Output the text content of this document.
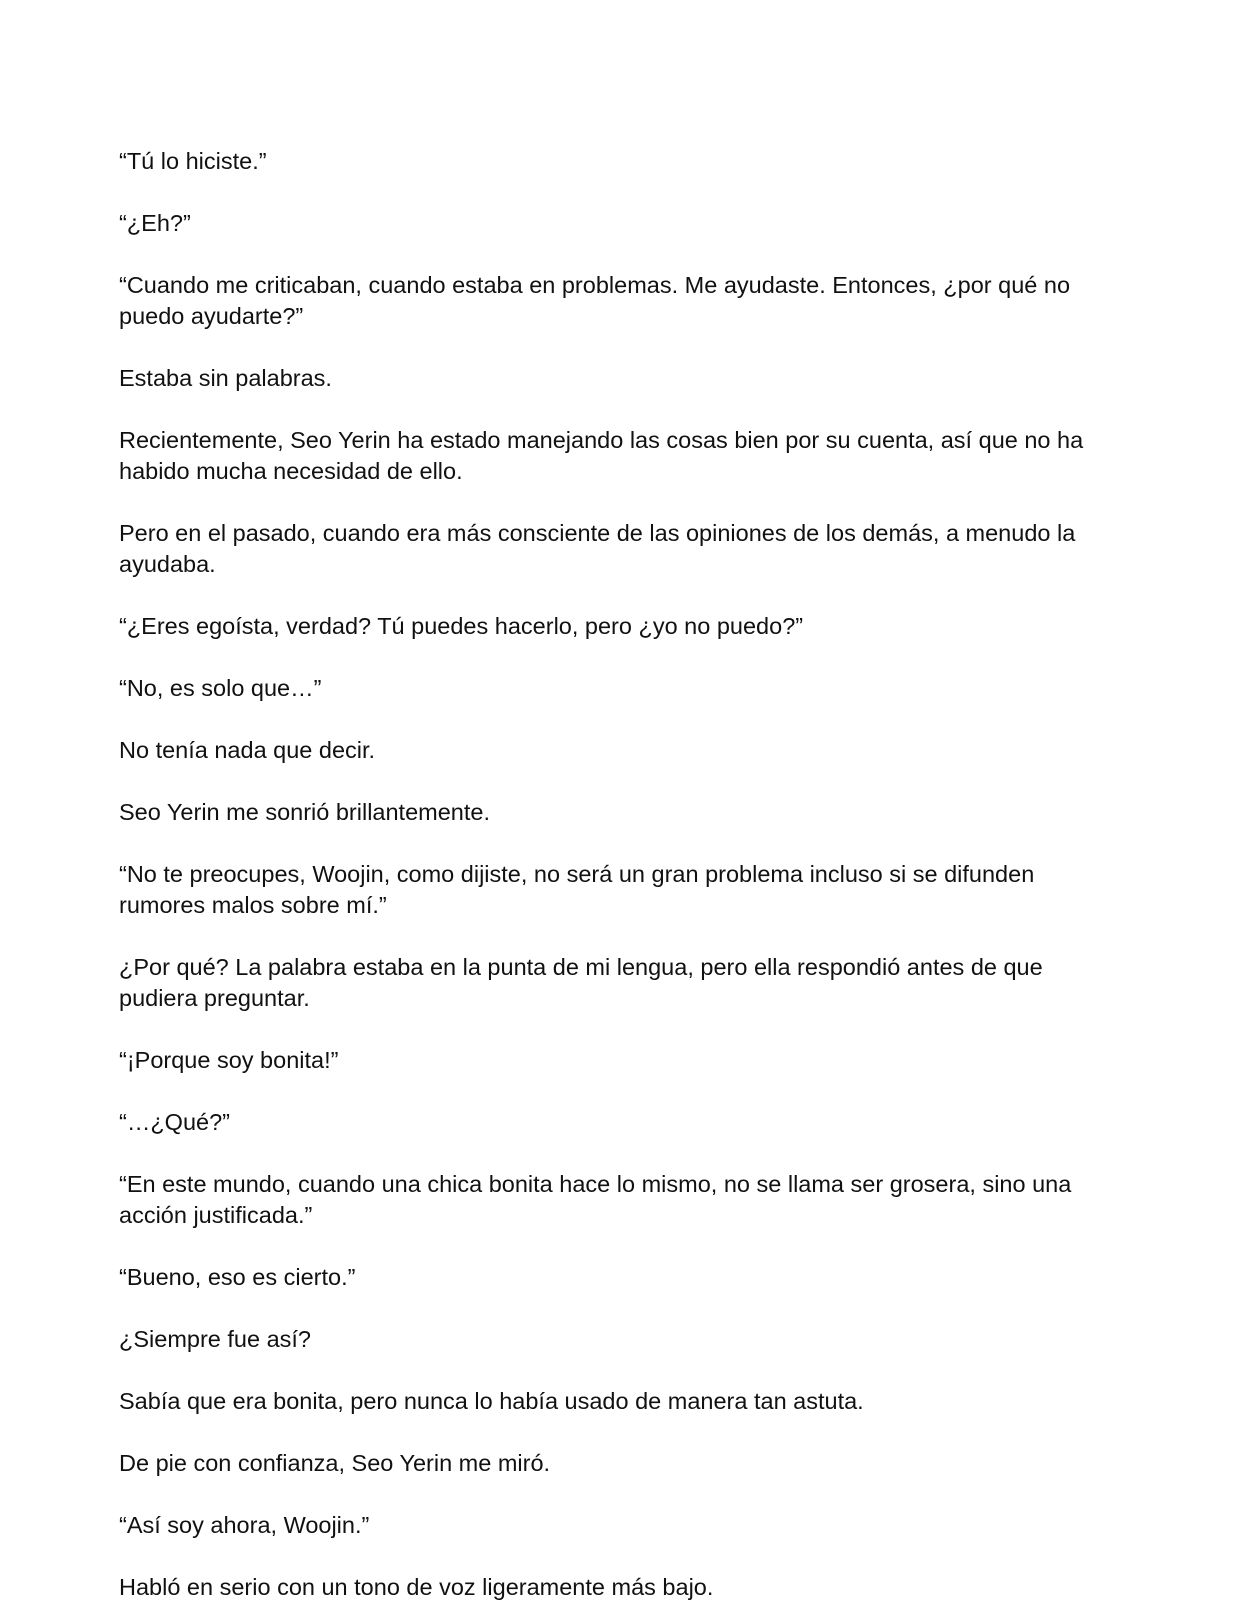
“Tú lo hiciste.”

“¿Eh?”

“Cuando me criticaban, cuando estaba en problemas. Me ayudaste. Entonces, ¿por qué no puedo ayudarte?”

Estaba sin palabras.

Recientemente, Seo Yerin ha estado manejando las cosas bien por su cuenta, así que no ha habido mucha necesidad de ello.

Pero en el pasado, cuando era más consciente de las opiniones de los demás, a menudo la ayudaba.

“¿Eres egoísta, verdad? Tú puedes hacerlo, pero ¿yo no puedo?”

“No, es solo que…”

No tenía nada que decir.

Seo Yerin me sonrió brillantemente.

“No te preocupes, Woojin, como dijiste, no será un gran problema incluso si se difunden rumores malos sobre mí.”

¿Por qué? La palabra estaba en la punta de mi lengua, pero ella respondió antes de que pudiera preguntar.

“¡Porque soy bonita!”

“…¿Qué?”

“En este mundo, cuando una chica bonita hace lo mismo, no se llama ser grosera, sino una acción justificada.”

“Bueno, eso es cierto.”

¿Siempre fue así?

Sabía que era bonita, pero nunca lo había usado de manera tan astuta.

De pie con confianza, Seo Yerin me miró.

“Así soy ahora, Woojin.”

Habló en serio con un tono de voz ligeramente más bajo.
